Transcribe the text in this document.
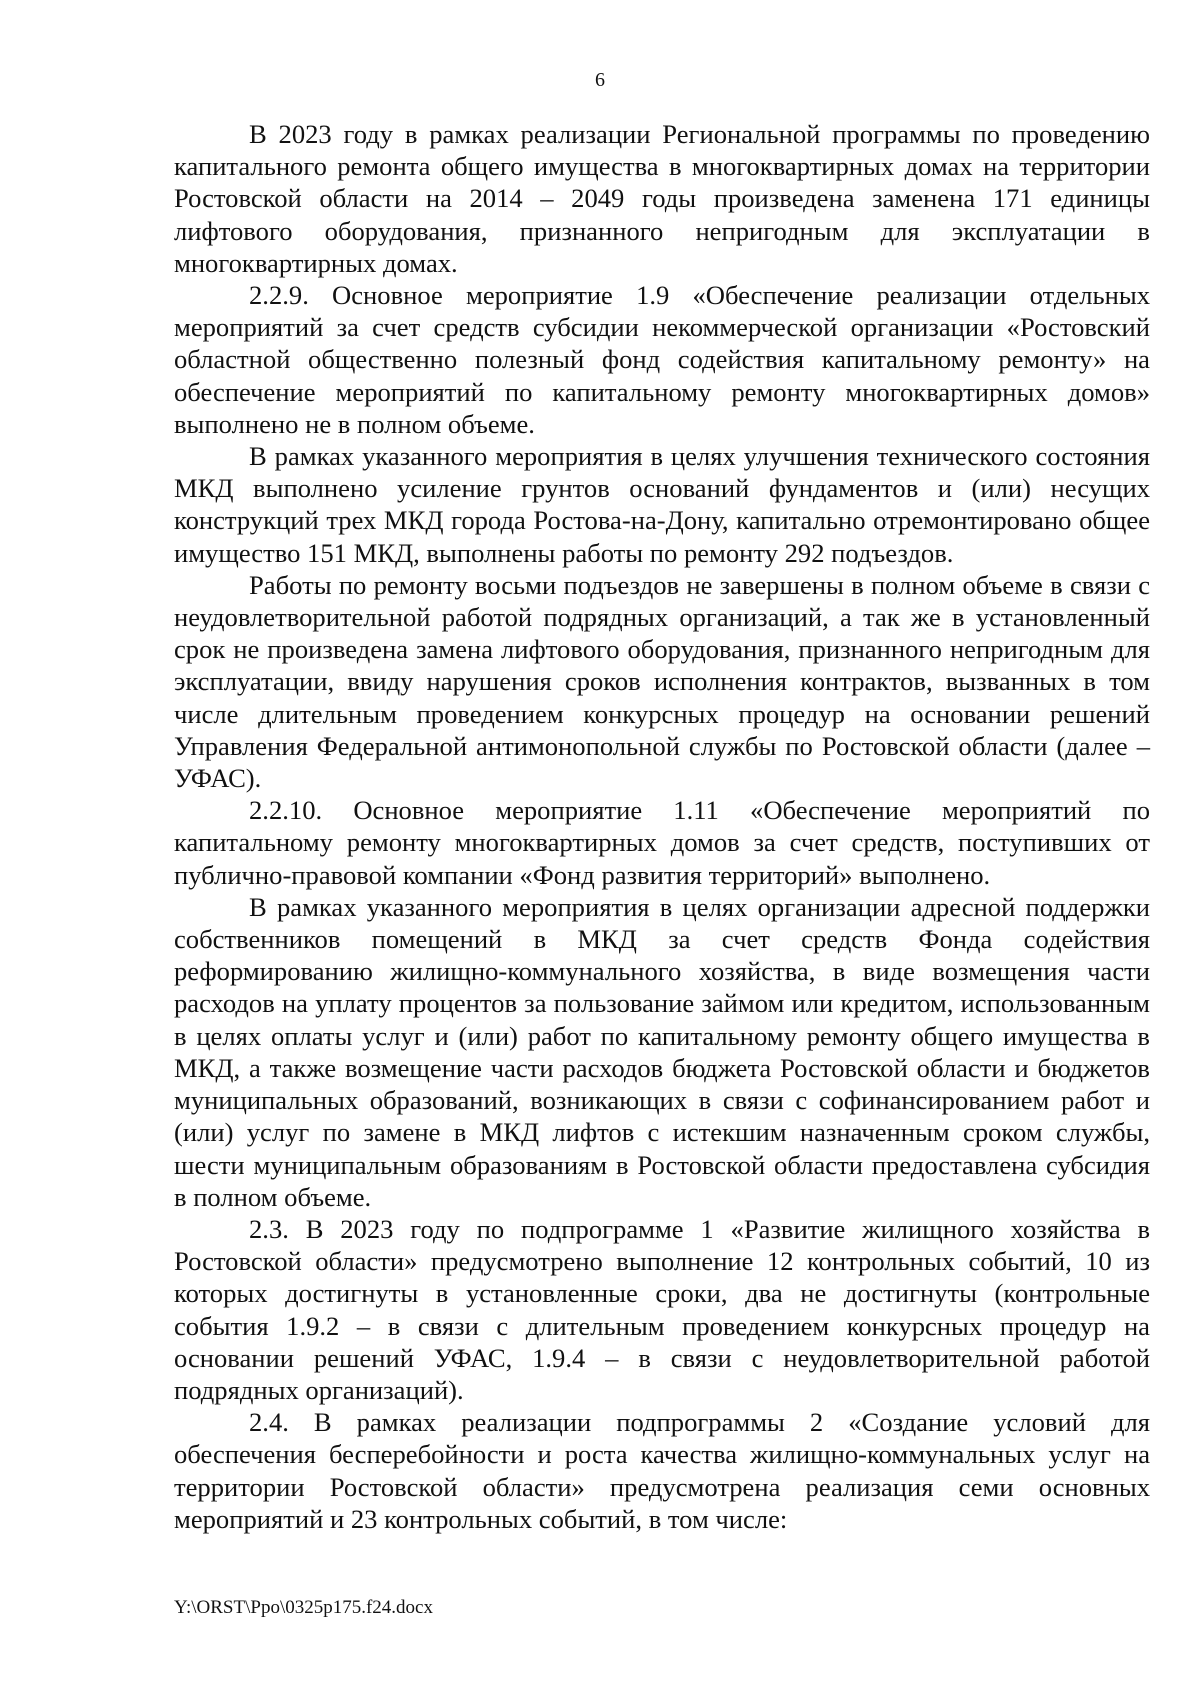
6

В 2023 году в рамках реализации Региональной программы по проведению капитального ремонта общего имущества в многоквартирных домах на территории Ростовской области на 2014 – 2049 годы произведена заменена 171 единицы лифтового оборудования, признанного непригодным для эксплуатации в многоквартирных домах.

2.2.9. Основное мероприятие 1.9 «Обеспечение реализации отдельных мероприятий за счет средств субсидии некоммерческой организации «Ростовский областной общественно полезный фонд содействия капитальному ремонту» на обеспечение мероприятий по капитальному ремонту многоквартирных домов» выполнено не в полном объеме.

В рамках указанного мероприятия в целях улучшения технического состояния МКД выполнено усиление грунтов оснований фундаментов и (или) несущих конструкций трех МКД города Ростова-на-Дону, капитально отремонтировано общее имущество 151 МКД, выполнены работы по ремонту 292 подъездов.

Работы по ремонту восьми подъездов не завершены в полном объеме в связи с неудовлетворительной работой подрядных организаций, а так же в установленный срок не произведена замена лифтового оборудования, признанного непригодным для эксплуатации, ввиду нарушения сроков исполнения контрактов, вызванных в том числе длительным проведением конкурсных процедур на основании решений Управления Федеральной антимонопольной службы по Ростовской области (далее – УФАС).

2.2.10. Основное мероприятие 1.11 «Обеспечение мероприятий по капитальному ремонту многоквартирных домов за счет средств, поступивших от публично-правовой компании «Фонд развития территорий» выполнено.

В рамках указанного мероприятия в целях организации адресной поддержки собственников помещений в МКД за счет средств Фонда содействия реформированию жилищно-коммунального хозяйства, в виде возмещения части расходов на уплату процентов за пользование займом или кредитом, использованным в целях оплаты услуг и (или) работ по капитальному ремонту общего имущества в МКД, а также возмещение части расходов бюджета Ростовской области и бюджетов муниципальных образований, возникающих в связи с софинансированием работ и (или) услуг по замене в МКД лифтов с истекшим назначенным сроком службы, шести муниципальным образованиям в Ростовской области предоставлена субсидия в полном объеме.

2.3. В 2023 году по подпрограмме 1 «Развитие жилищного хозяйства в Ростовской области» предусмотрено выполнение 12 контрольных событий, 10 из которых достигнуты в установленные сроки, два не достигнуты (контрольные события 1.9.2 – в связи с длительным проведением конкурсных процедур на основании решений УФАС, 1.9.4 – в связи с неудовлетворительной работой подрядных организаций).

2.4. В рамках реализации подпрограммы 2 «Создание условий для обеспечения бесперебойности и роста качества жилищно-коммунальных услуг на территории Ростовской области» предусмотрена реализация семи основных мероприятий и 23 контрольных событий, в том числе:

Y:\ORST\Ppo\0325p175.f24.docx
